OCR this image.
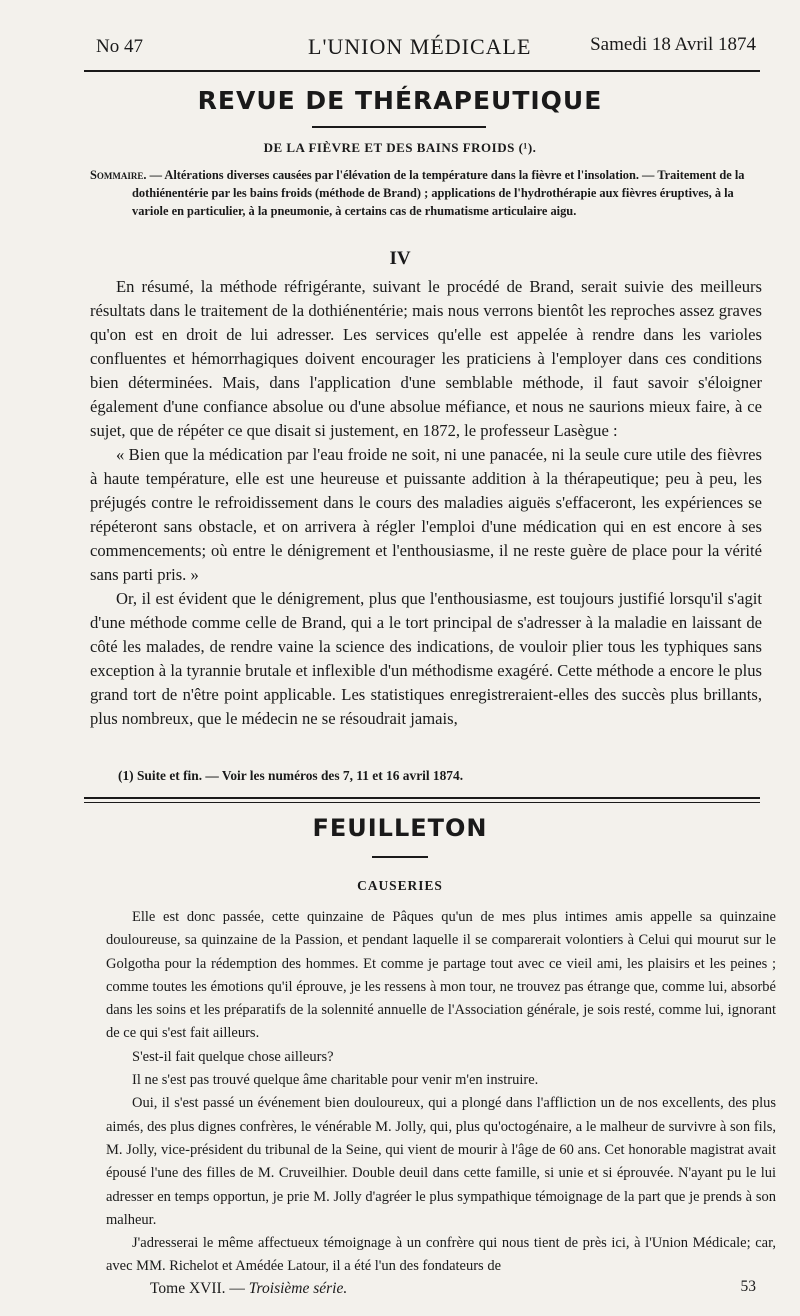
No 47	L'UNION MÉDICALE	Samedi 18 Avril 1874
REVUE DE THÉRAPEUTIQUE
DE LA FIÈVRE ET DES BAINS FROIDS (¹).
Sommaire. — Altérations diverses causées par l'élévation de la température dans la fièvre et l'insolation. — Traitement de la dothiénentérie par les bains froids (méthode de Brand) ; applications de l'hydrothérapie aux fièvres éruptives, à la variole en particulier, à la pneumonie, à certains cas de rhumatisme articulaire aigu.
IV

En résumé, la méthode réfrigérante, suivant le procédé de Brand, serait suivie des meilleurs résultats dans le traitement de la dothiénentérie; mais nous verrons bientôt les reproches assez graves qu'on est en droit de lui adresser. Les services qu'elle est appelée à rendre dans les varioles confluentes et hémorrhagiques doivent encourager les praticiens à l'employer dans ces conditions bien déterminées. Mais, dans l'application d'une semblable méthode, il faut savoir s'éloigner également d'une confiance absolue ou d'une absolue méfiance, et nous ne saurions mieux faire, à ce sujet, que de répéter ce que disait si justement, en 1872, le professeur Lasègue :

« Bien que la médication par l'eau froide ne soit, ni une panacée, ni la seule cure utile des fièvres à haute température, elle est une heureuse et puissante addition à la thérapeutique; peu à peu, les préjugés contre le refroidissement dans le cours des maladies aiguës s'effaceront, les expériences se répéteront sans obstacle, et on arrivera à régler l'emploi d'une médication qui en est encore à ses commencements; où entre le dénigrement et l'enthousiasme, il ne reste guère de place pour la vérité sans parti pris. »

Or, il est évident que le dénigrement, plus que l'enthousiasme, est toujours justifié lorsqu'il s'agit d'une méthode comme celle de Brand, qui a le tort principal de s'adresser à la maladie en laissant de côté les malades, de rendre vaine la science des indications, de vouloir plier tous les typhiques sans exception à la tyrannie brutale et inflexible d'un méthodisme exagéré. Cette méthode a encore le plus grand tort de n'être point applicable. Les statistiques enregistreraient-elles des succès plus brillants, plus nombreux, que le médecin ne se résoudrait jamais,

(1) Suite et fin. — Voir les numéros des 7, 11 et 16 avril 1874.
FEUILLETON
CAUSERIES

Elle est donc passée, cette quinzaine de Pâques qu'un de mes plus intimes amis appelle sa quinzaine douloureuse, sa quinzaine de la Passion, et pendant laquelle il se comparerait volontiers à Celui qui mourut sur le Golgotha pour la rédemption des hommes. Et comme je partage tout avec ce vieil ami, les plaisirs et les peines ; comme toutes les émotions qu'il éprouve, je les ressens à mon tour, ne trouvez pas étrange que, comme lui, absorbé dans les soins et les préparatifs de la solennité annuelle de l'Association générale, je sois resté, comme lui, ignorant de ce qui s'est fait ailleurs.

S'est-il fait quelque chose ailleurs?

Il ne s'est pas trouvé quelque âme charitable pour venir m'en instruire.

Oui, il s'est passé un événement bien douloureux, qui a plongé dans l'affliction un de nos excellents, des plus aimés, des plus dignes confrères, le vénérable M. Jolly, qui, plus qu'octogénaire, a le malheur de survivre à son fils, M. Jolly, vice-président du tribunal de la Seine, qui vient de mourir à l'âge de 60 ans. Cet honorable magistrat avait épousé l'une des filles de M. Cruveilhier. Double deuil dans cette famille, si unie et si éprouvée. N'ayant pu le lui adresser en temps opportun, je prie M. Jolly d'agréer le plus sympathique témoignage de la part que je prends à son malheur.

J'adresserai le même affectueux témoignage à un confrère qui nous tient de près ici, à l'Union Médicale; car, avec MM. Richelot et Amédée Latour, il a été l'un des fondateurs de

Tome XVII. — Troisième série.	53
